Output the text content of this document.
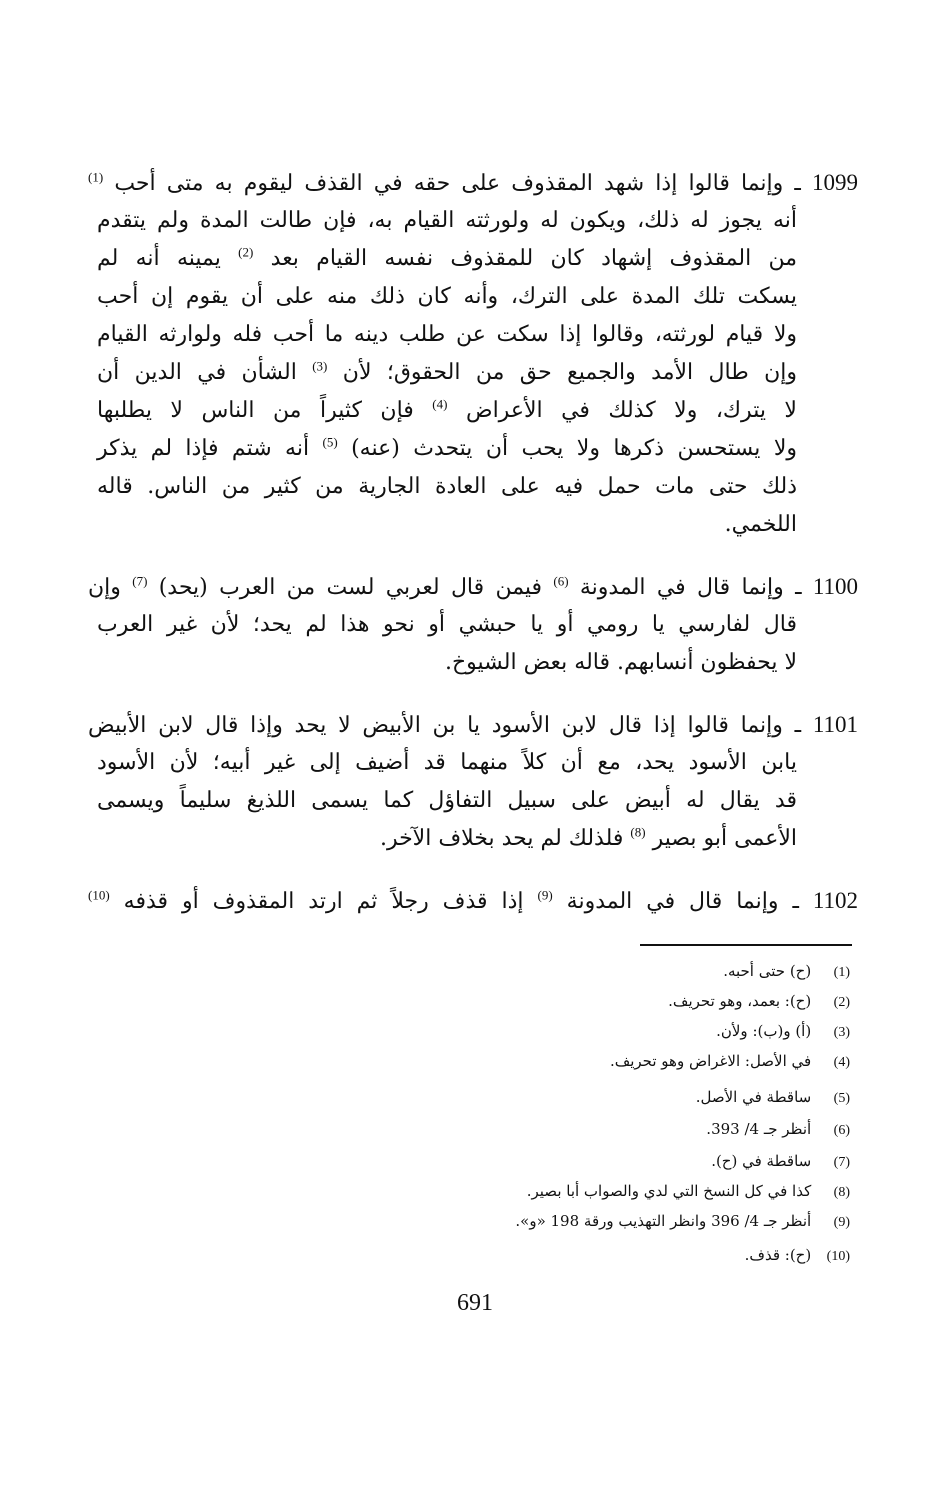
1099 ـ وإنما قالوا إذا شهد المقذوف على حقه في القذف ليقوم به متى أحب $^{(1)}$
أنه يجوز له ذلك، ويكون له ولورثته القيام به، فإن طالت المدة ولم يتقدم
من المقذوف إشهاد كان للمقذوف نفسه القيام بعد $^{(2)}$ يمينه أنه لم
يسكت تلك المدة على الترك، وأنه كان ذلك منه على أن يقوم إن أحب
ولا قيام لورثته، وقالوا إذا سكت عن طلب دينه ما أحب فله ولوارثه القيام
وإن طال الأمد والجميع حق من الحقوق؛ لأن $^{(3)}$ الشأن في الدين أن
لا يترك، ولا كذلك في الأعراض $^{(4)}$ فإن كثيراً من الناس لا يطلبها
ولا يستحسن ذكرها ولا يحب أن يتحدث (عنه) $^{(5)}$ أنه شتم فإذا لم يذكر
ذلك حتى مات حمل فيه على العادة الجارية من كثير من الناس. قاله
اللخمي.
1100 ـ وإنما قال في المدونة $^{(6)}$ فيمن قال لعربي لست من العرب (يحد) $^{(7)}$ وإن
قال لفارسي يا رومي أو يا حبشي أو نحو هذا لم يحد؛ لأن غير العرب
لا يحفظون أنسابهم. قاله بعض الشيوخ.
1101 ـ وإنما قالوا إذا قال لابن الأسود يا بن الأبيض لا يحد وإذا قال لابن الأبيض
يابن الأسود يحد، مع أن كلاً منهما قد أضيف إلى غير أبيه؛ لأن الأسود
قد يقال له أبيض على سبيل التفاؤل كما يسمى اللذيغ سليماً ويسمى
الأعمى أبو بصير $^{(8)}$ فلذلك لم يحد بخلاف الآخر.
1102 ـ وإنما قال في المدونة $^{(9)}$ إذا قذف رجلاً ثم ارتد المقذوف أو قذفه $^{(10)}$
(1) (ح) حتى أحبه.
(2) (ح): بعمد، وهو تحريف.
(3) (أ) و(ب): ولأن.
(4) في الأصل: الاغراض وهو تحريف.
(5) ساقطة في الأصل.
(6) أنظر جـ 4/ 393.
(7) ساقطة في (ح).
(8) كذا في كل النسخ التي لدي والصواب أبا بصير.
(9) أنظر جـ 4/ 396 وانظر التهذيب ورقة 198 «و».
(10) (ح): قذف.
691
